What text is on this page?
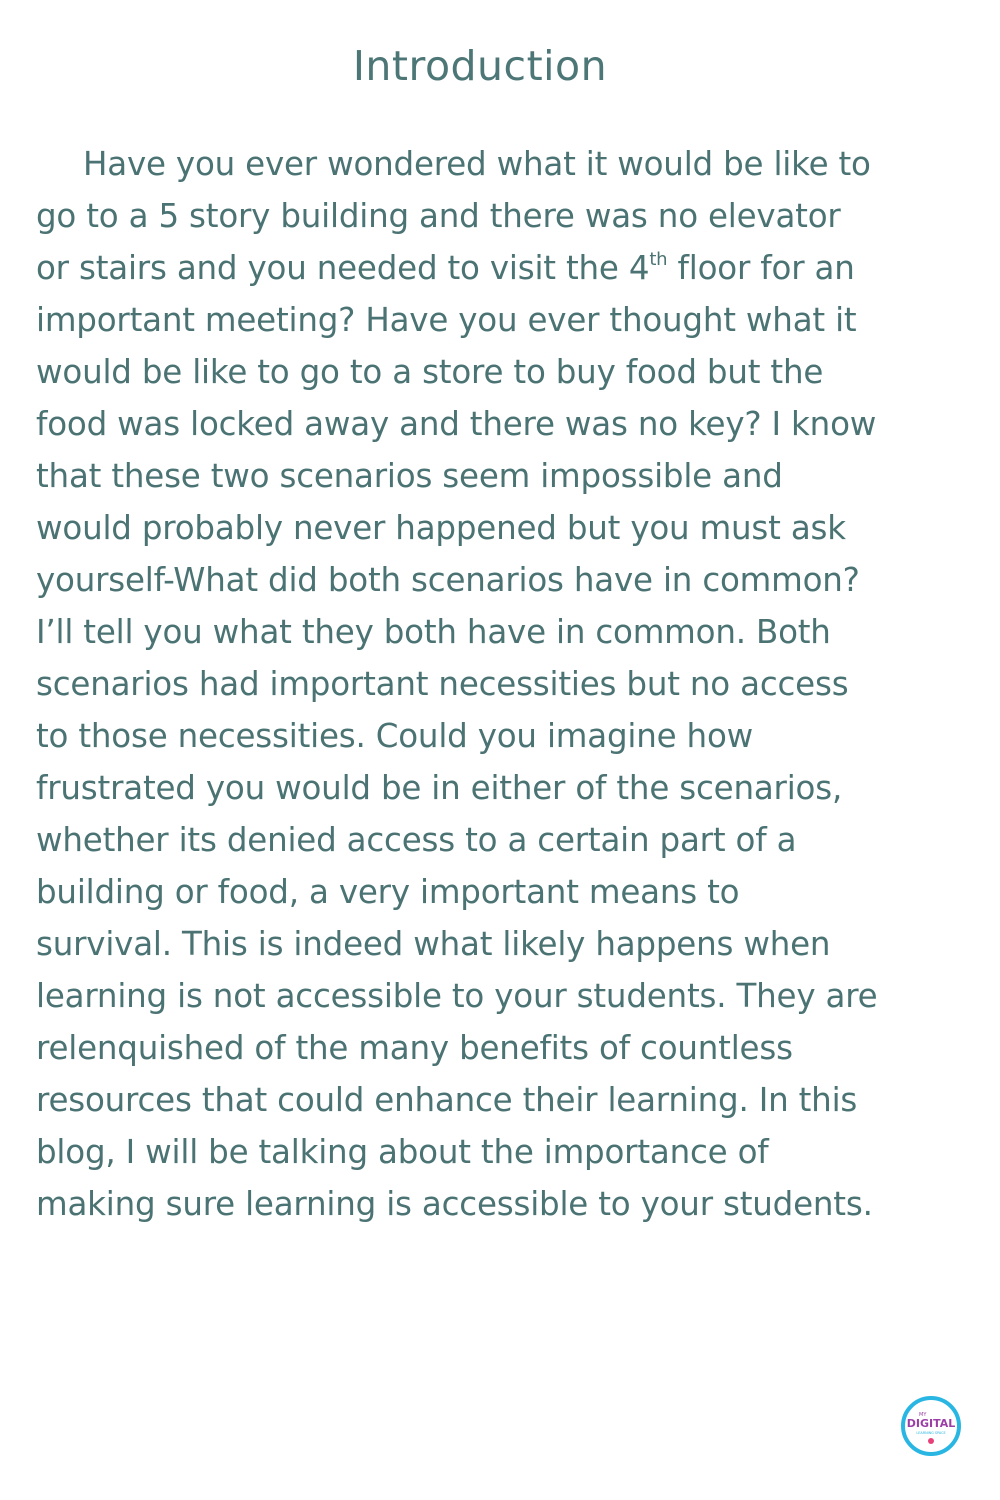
Introduction
Have you ever wondered what it would be like to
go to a 5 story building and there was no elevator
or stairs and you needed to visit the 4th floor for an
important meeting? Have you ever thought what it
would be like to go to a store to buy food but the
food was locked away and there was no key? I know
that these two scenarios seem impossible and
would probably never happened but you must ask
yourself-What did both scenarios have in common?
I’ll tell you what they both have in common. Both
scenarios had important necessities but no access
to those necessities. Could you imagine how
frustrated you would be in either of the scenarios,
whether its denied access to a certain part of a
building or food, a very important means to
survival. This is indeed what likely happens when
learning is not accessible to your students. They are
relenquished of the many benefits of countless
resources that could enhance their learning. In this
blog, I will be talking about the importance of
making sure learning is accessible to your students.
MY
DIGITAL
LEARNING SPACE
